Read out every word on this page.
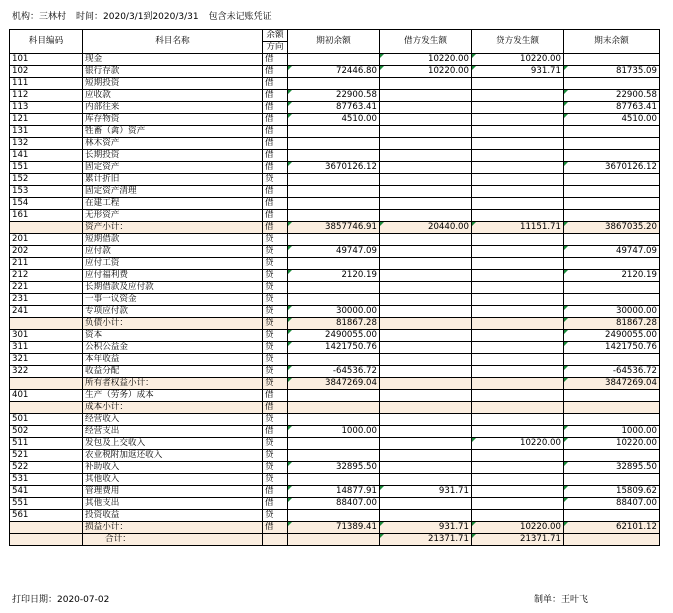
机构：三林村 时间：2020/3/1到2020/3/31 包含未记账凭证
科目编码	科目名称	余额	期初余额	借方发生额	贷方发生额	期末余额
		方向				
101	现金	借		10220.00	10220.00	
102	银行存款	借	72446.80	10220.00	931.71	81735.09
111	短期投资	借				
112	应收款	借	22900.58			22900.58
113	内部往来	借	87763.41			87763.41
121	库存物资	借	4510.00			4510.00
131	牲畜（禽）资产	借				
132	林木资产	借				
141	长期投资	借				
151	固定资产	借	3670126.12			3670126.12
152	累计折旧	贷				
153	固定资产清理	借				
154	在建工程	借				
161	无形资产	借				
	资产小计：	借	3857746.91	20440.00	11151.71	3867035.20
201	短期借款	贷				
202	应付款	贷	49747.09			49747.09
211	应付工资	贷				
212	应付福利费	贷	2120.19			2120.19
221	长期借款及应付款	贷				
231	一事一议资金	贷				
241	专项应付款	贷	30000.00			30000.00
	负债小计：	贷	81867.28			81867.28
301	资本	贷	2490055.00			2490055.00
311	公积公益金	贷	1421750.76			1421750.76
321	本年收益	贷				
322	收益分配	贷	-64536.72			-64536.72
	所有者权益小计：	贷	3847269.04			3847269.04
401	生产（劳务）成本	借				
	成本小计：	借				
501	经营收入	贷				
502	经营支出	借	1000.00			1000.00
511	发包及上交收入	贷			10220.00	10220.00
521	农业税附加返还收入	贷				
522	补助收入	贷	32895.50			32895.50
531	其他收入	贷				
541	管理费用	借	14877.91	931.71		15809.62
551	其他支出	借	88407.00			88407.00
561	投资收益	贷				
	损益小计：	借	71389.41	931.71	10220.00	62101.12
	合计：			21371.71	21371.71	
打印日期：2020-07-02	制单：王叶飞
